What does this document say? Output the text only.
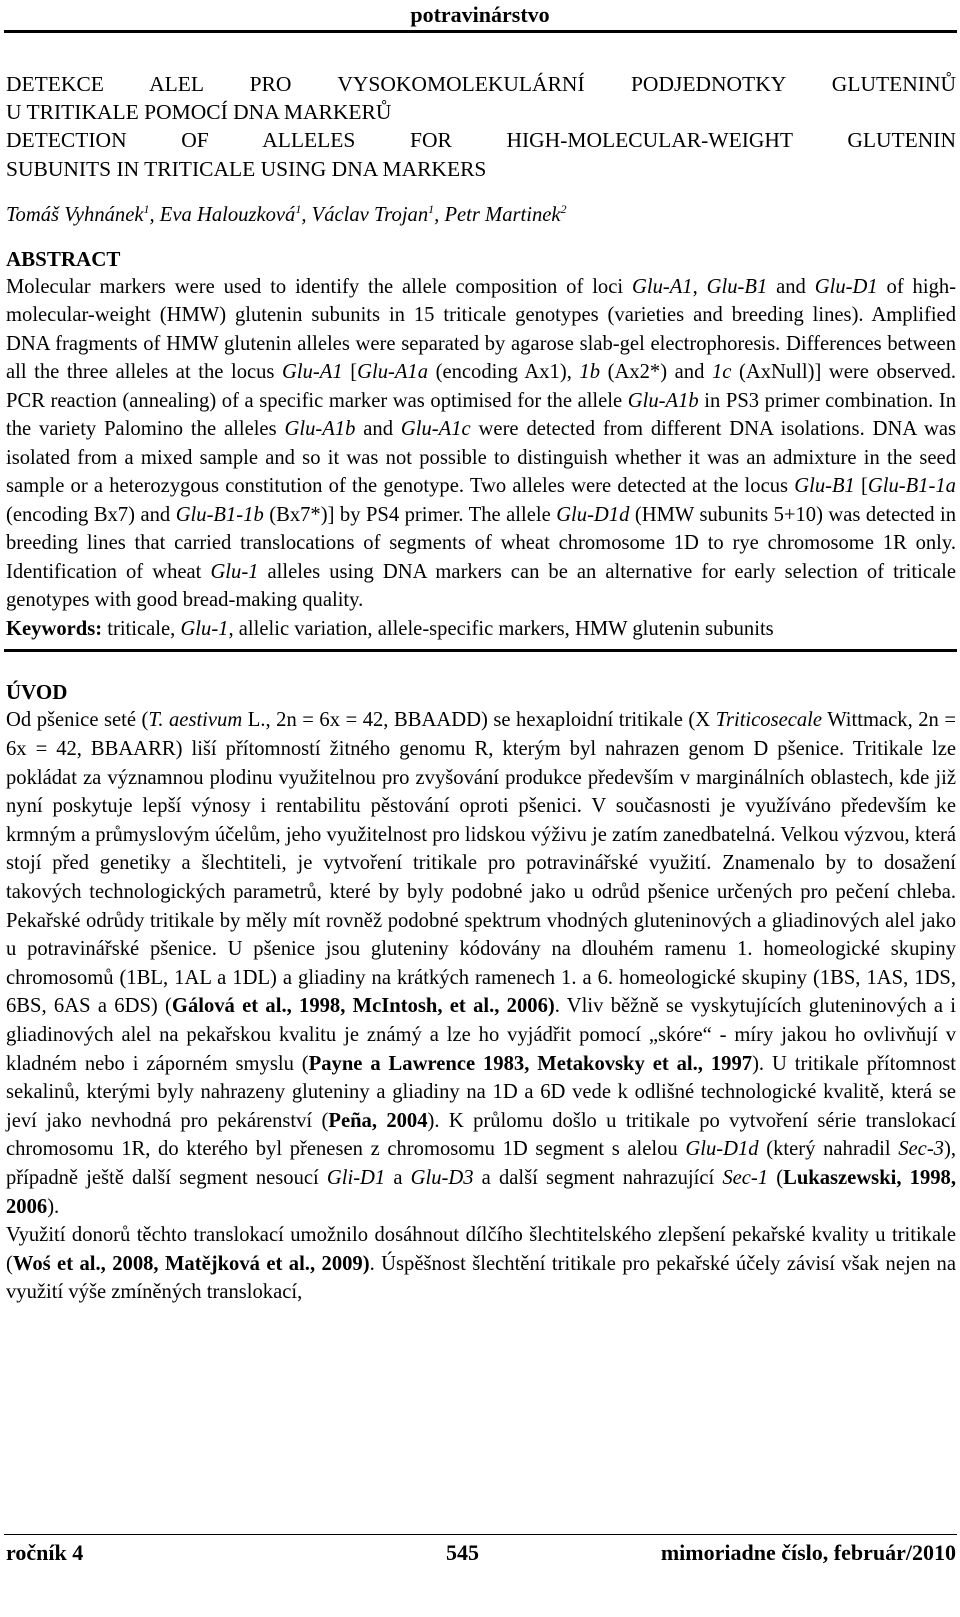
potravinárstvo
DETEKCE ALEL PRO VYSOKOMOLEKULÁRNÍ PODJEDNOTKY GLUTENINŮ
U TRITIKALE POMOCÍ DNA MARKERŮ
DETECTION OF ALLELES FOR HIGH-MOLECULAR-WEIGHT GLUTENIN
SUBUNITS IN TRITICALE USING DNA MARKERS
Tomáš Vyhnánek$^1$, Eva Halouzková$^1$, Václav Trojan$^1$, Petr Martinek$^2$
ABSTRACT

Molecular markers were used to identify the allele composition of loci Glu-A1, Glu-B1 and Glu-D1 of high-molecular-weight (HMW) glutenin subunits in 15 triticale genotypes (varieties and breeding lines). Amplified DNA fragments of HMW glutenin alleles were separated by agarose slab-gel electrophoresis. Differences between all the three alleles at the locus Glu-A1 [Glu-A1a (encoding Ax1), 1b (Ax2*) and 1c (AxNull)] were observed. PCR reaction (annealing) of a specific marker was optimised for the allele Glu-A1b in PS3 primer combination. In the variety Palomino the alleles Glu-A1b and Glu-A1c were detected from different DNA isolations. DNA was isolated from a mixed sample and so it was not possible to distinguish whether it was an admixture in the seed sample or a heterozygous constitution of the genotype. Two alleles were detected at the locus Glu-B1 [Glu-B1-1a (encoding Bx7) and Glu-B1-1b (Bx7*)] by PS4 primer. The allele Glu-D1d (HMW subunits 5+10) was detected in breeding lines that carried translocations of segments of wheat chromosome 1D to rye chromosome 1R only. Identification of wheat Glu-1 alleles using DNA markers can be an alternative for early selection of triticale genotypes with good bread-making quality.

Keywords: triticale, Glu-1, allelic variation, allele-specific markers, HMW glutenin subunits

ÚVOD

Od pšenice seté (T. aestivum L., 2n = 6x = 42, BBAADD) se hexaploidní tritikale (X Triticosecale Wittmack, 2n = 6x = 42, BBAARR) liší přítomností žitného genomu R, kterým byl nahrazen genom D pšenice. Tritikale lze pokládat za významnou plodinu využitelnou pro zvyšování produkce především v marginálních oblastech, kde již nyní poskytuje lepší výnosy i rentabilitu pěstování oproti pšenici. V současnosti je využíváno především ke krmným a průmyslovým účelům, jeho využitelnost pro lidskou výživu je zatím zanedbatelná. Velkou výzvou, která stojí před genetiky a šlechtiteli, je vytvoření tritikale pro potravinářské využití. Znamenalo by to dosažení takových technologických parametrů, které by byly podobné jako u odrůd pšenice určených pro pečení chleba. Pekařské odrůdy tritikale by měly mít rovněž podobné spektrum vhodných gluteninových a gliadinových alel jako u potravinářské pšenice. U pšenice jsou gluteniny kódovány na dlouhém ramenu 1. homeologické skupiny chromosomů (1BL, 1AL a 1DL) a gliadiny na krátkých ramenech 1. a 6. homeologické skupiny (1BS, 1AS, 1DS, 6BS, 6AS a 6DS) (Gálová et al., 1998, McIntosh, et al., 2006). Vliv běžně se vyskytujících gluteninových a i gliadinových alel na pekařskou kvalitu je známý a lze ho vyjádřit pomocí „skóre“ - míry jakou ho ovlivňují v kladném nebo i záporném smyslu (Payne a Lawrence 1983, Metakovsky et al., 1997). U tritikale přítomnost sekalinů, kterými byly nahrazeny gluteniny a gliadiny na 1D a 6D vede k odlišné technologické kvalitě, která se jeví jako nevhodná pro pekárenství (Peña, 2004). K průlomu došlo u tritikale po vytvoření série translokací chromosomu 1R, do kterého byl přenesen z chromosomu 1D segment s alelou Glu-D1d (který nahradil Sec-3), případně ještě další segment nesoucí Gli-D1 a Glu-D3 a další segment nahrazující Sec-1 (Lukaszewski, 1998, 2006).

Využití donorů těchto translokací umožnilo dosáhnout dílčího šlechtitelského zlepšení pekařské kvality u tritikale (Woś et al., 2008, Matějková et al., 2009). Úspěšnost šlechtění tritikale pro pekařské účely závisí však nejen na využití výše zmíněných translokací,

ročník 4	545	mimoriadne číslo, február/2010
